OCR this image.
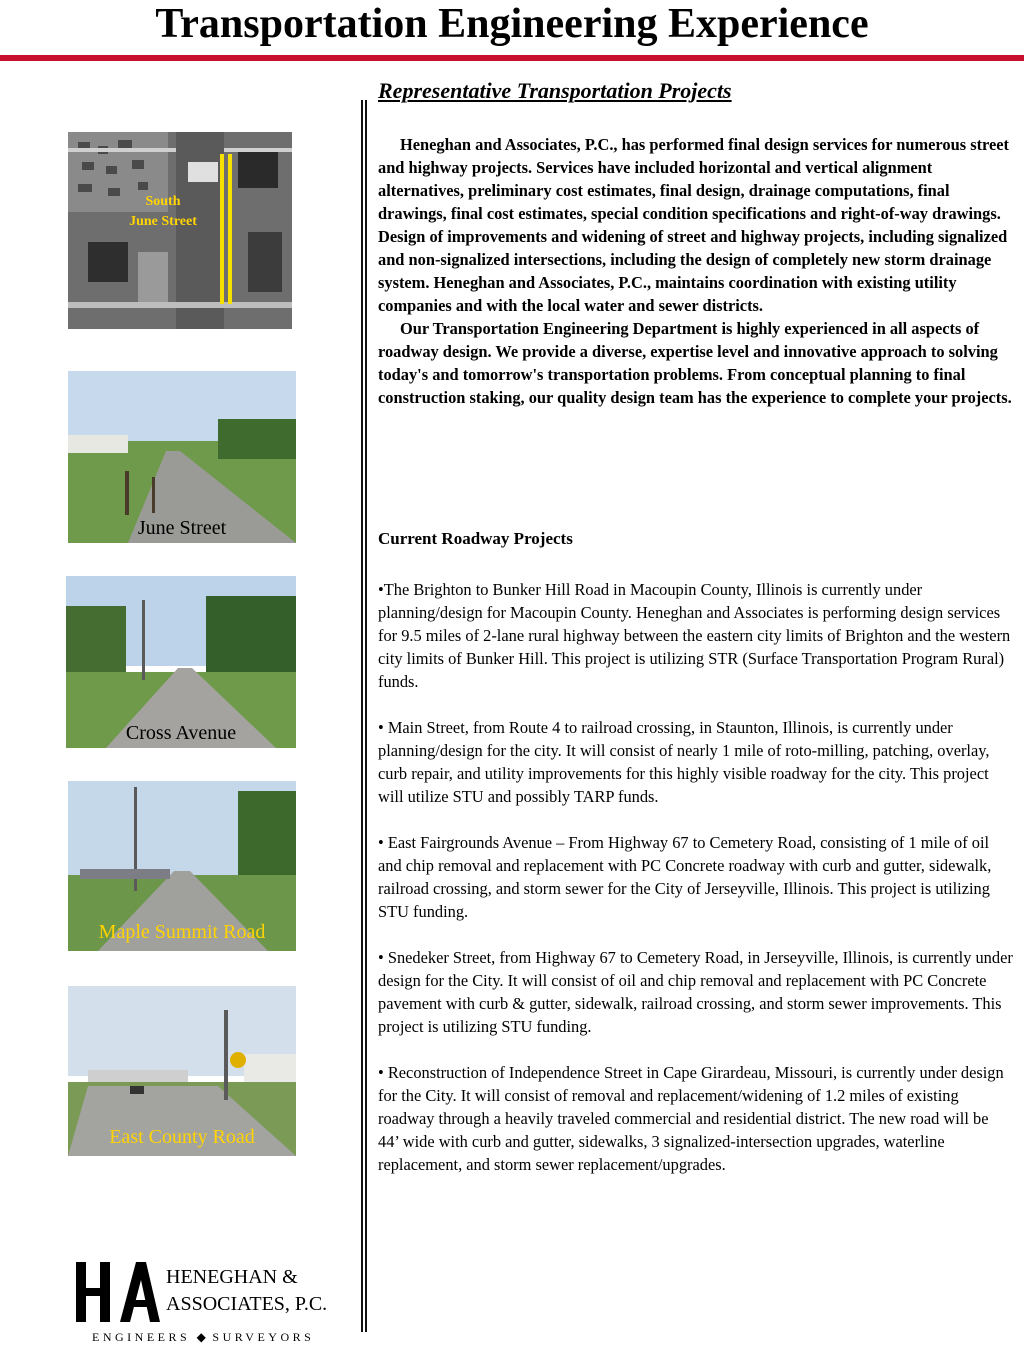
Transportation Engineering Experience
South
June Street
June Street
Cross Avenue
Maple Summit Road
East County Road
Representative Transportation Projects

Heneghan and Associates, P.C., has performed final design services for numerous street and highway projects. Services have included horizontal and vertical alignment alternatives, preliminary cost estimates, final design, drainage computations, final drawings, final cost estimates, special condition specifications and right-of-way drawings. Design of improvements and widening of street and highway projects, including signalized and non-signalized intersections, including the design of completely new storm drainage system. Heneghan and Associates, P.C., maintains coordination with existing utility companies and with the local water and sewer districts.

Our Transportation Engineering Department is highly experienced in all aspects of roadway design. We provide a diverse, expertise level and innovative approach to solving today's and tomorrow's transportation problems. From conceptual planning to final construction staking, our quality design team has the experience to complete your projects.

Current Roadway Projects

•The Brighton to Bunker Hill Road in Macoupin County, Illinois is currently under planning/design for Macoupin County. Heneghan and Associates is performing design services for 9.5 miles of 2-lane rural highway between the eastern city limits of Brighton and the western city limits of Bunker Hill. This project is utilizing STR (Surface Transportation Program Rural) funds.

• Main Street, from Route 4 to railroad crossing, in Staunton, Illinois, is currently under planning/design for the city. It will consist of nearly 1 mile of roto-milling, patching, overlay, curb repair, and utility improvements for this highly visible roadway for the city. This project will utilize STU and possibly TARP funds.

• East Fairgrounds Avenue – From Highway 67 to Cemetery Road, consisting of 1 mile of oil and chip removal and replacement with PC Concrete roadway with curb and gutter, sidewalk, railroad crossing, and storm sewer for the City of Jerseyville, Illinois. This project is utilizing STU funding.

• Snedeker Street, from Highway 67 to Cemetery Road, in Jerseyville, Illinois, is currently under design for the City. It will consist of oil and chip removal and replacement with PC Concrete pavement with curb & gutter, sidewalk, railroad crossing, and storm sewer improvements. This project is utilizing STU funding.

• Reconstruction of Independence Street in Cape Girardeau, Missouri, is currently under design for the City. It will consist of removal and replacement/widening of 1.2 miles of existing roadway through a heavily traveled commercial and residential district. The new road will be 44’ wide with curb and gutter, sidewalks, 3 signalized-intersection upgrades, waterline replacement, and storm sewer replacement/upgrades.

HENEGHAN &
ASSOCIATES, P.C.
ENGINEERS ◆ SURVEYORS
